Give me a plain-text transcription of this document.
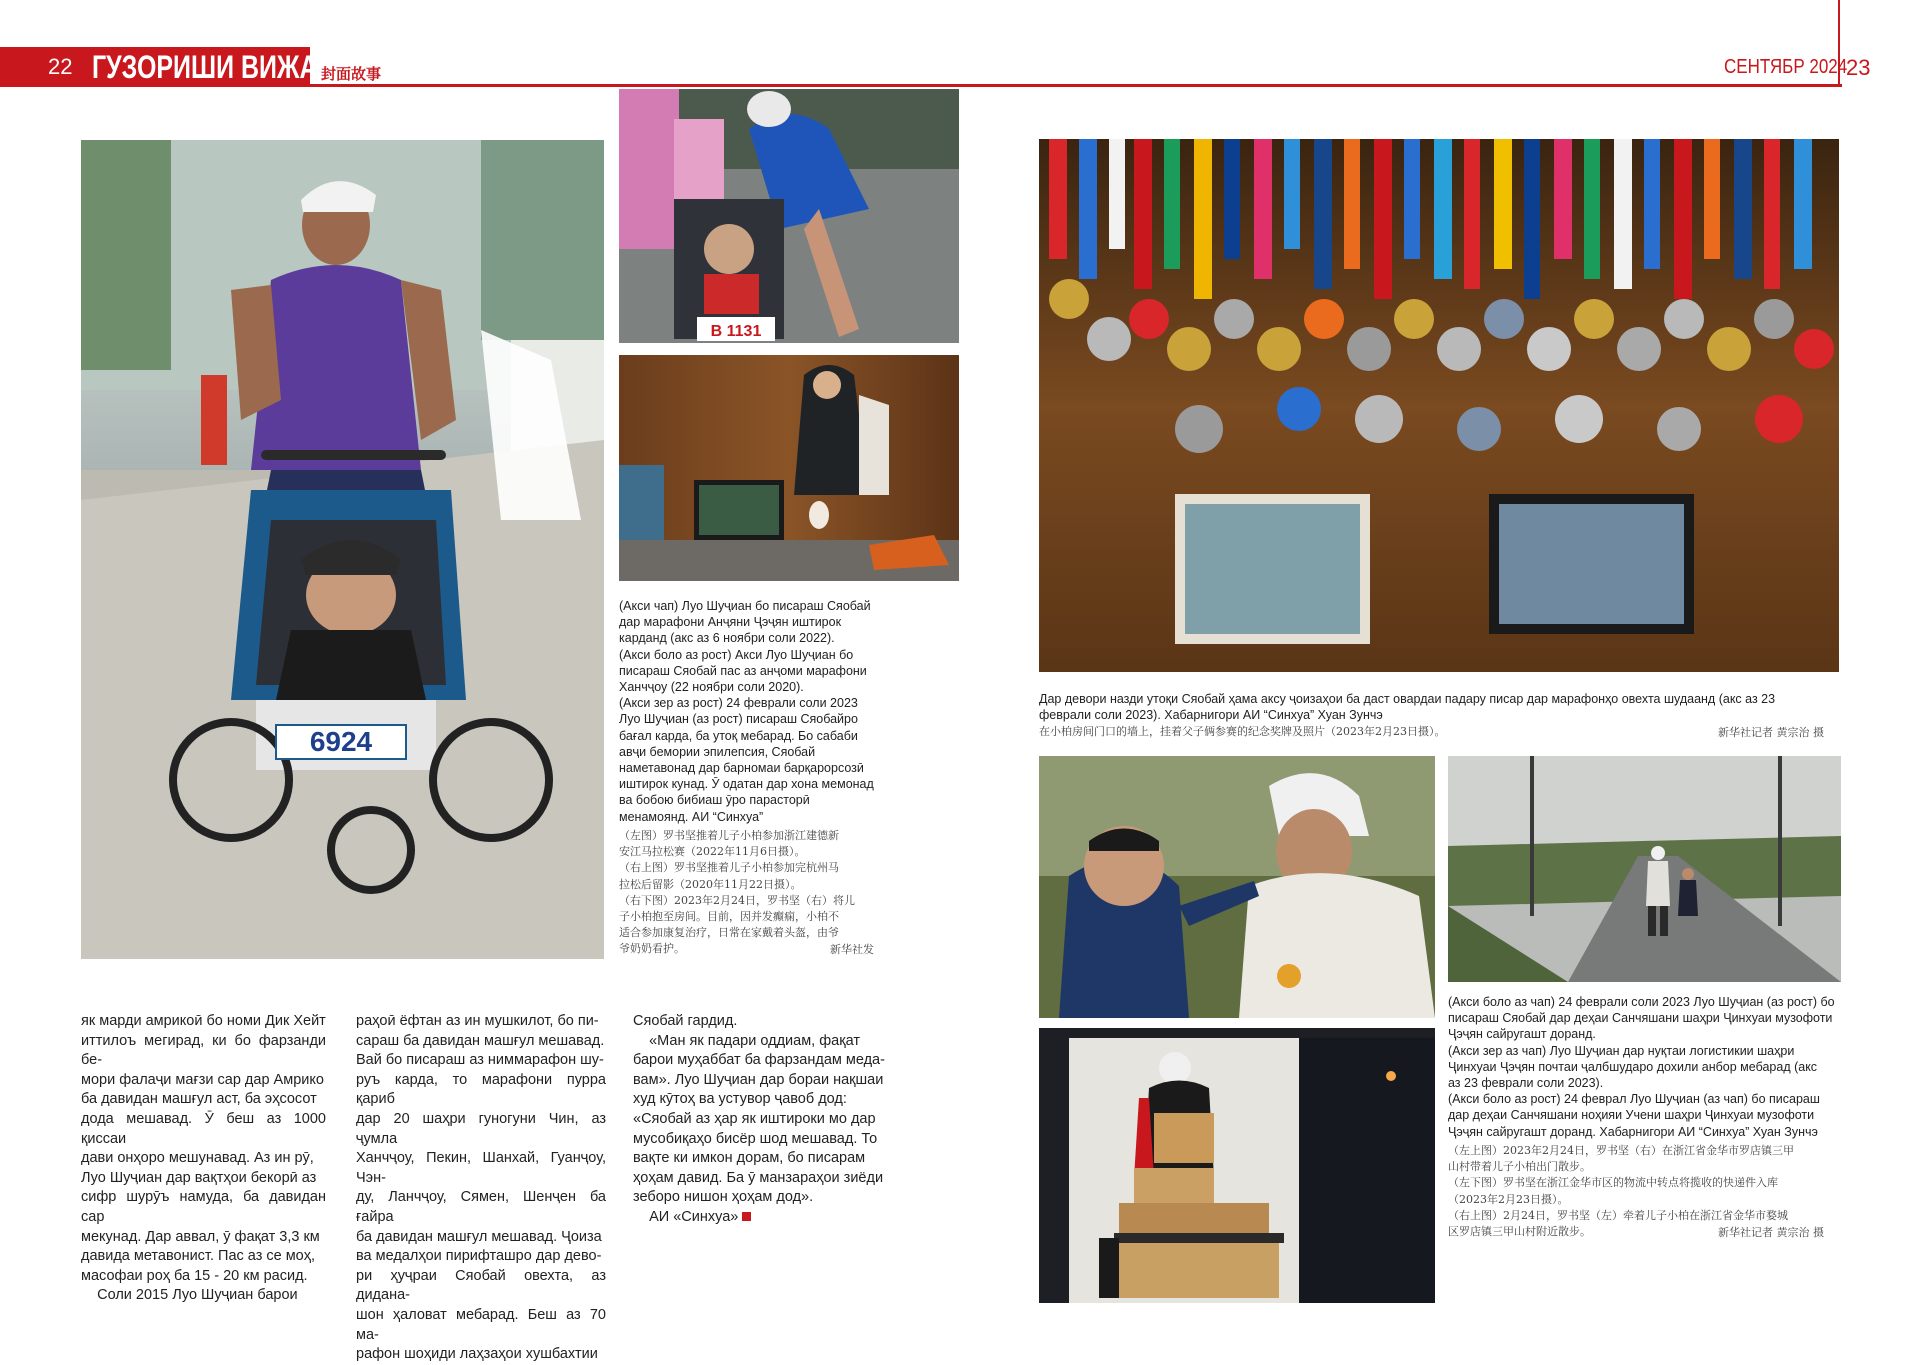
22 ГУЗОРИШИ ВИЖА 封面故事	СЕНТЯБР 2024
23
6924
B 1131

(Акси чап) Луо Шуҷиан бо писараш Сяобай

дар марафони Анҷяни Ҷэҷян иштирок

карданд (акс аз 6 ноябри соли 2022).

(Акси боло аз рост) Акси Луо Шуҷиан бо

писараш Сяобай пас аз анҷоми марафони

Ханчҷоу (22 ноябри соли 2020).

(Акси зер аз рост) 24 феврали соли 2023

Луо Шуҷиан (аз рост) писараш Сяобайро

бағал карда, ба утоқ мебарад. Бо сабаби

авҷи бемории эпилепсия, Сяобай

наметавонад дар барномаи барқарорсозӣ

иштирок кунад. Ӯ одатан дар хона мемонад

ва бобою бибиаш ӯро парасторӣ

менамоянд. АИ “Синхуа”

（左图）罗书坚推着儿子小柏参加浙江建德新

安江马拉松赛（2022年11月6日摄）。

（右上图）罗书坚推着儿子小柏参加完杭州马

拉松后留影（2020年11月22日摄）。

（右下图）2023年2月24日，罗书坚（右）将儿

子小柏抱至房间。目前，因并发癫痫，小柏不

适合参加康复治疗，日常在家戴着头盔，由爷

爷奶奶看护。	新华社发

як марди амрикоӣ бо номи Дик Хейт

иттилоъ мегирад, ки бо фарзанди бе-

мори фалаҷи мағзи сар дар Амрико

ба давидан машғул аст, ба эҳсосот

дода мешавад. Ӯ беш аз 1000 қиссаи

дави онҳоро мешунавад. Аз ин рӯ,

Луо Шуҷиан дар вақтҳои бекорӣ аз

сифр шурӯъ намуда, ба давидан сар

мекунад. Дар аввал, ӯ фақат 3,3 км

давида метавонист. Пас аз се моҳ,

масофаи роҳ ба 15 - 20 км расид.

Соли 2015 Луо Шуҷиан барои

раҳоӣ ёфтан аз ин мушкилот, бо пи-

сараш ба давидан машғул мешавад.

Вай бо писараш аз ниммарафон шу-

руъ карда, то марафони пурра қариб

дар 20 шаҳри гуногуни Чин, аз ҷумла

Ханчҷоу, Пекин, Шанхай, Гуанҷоу, Чэн-

ду, Ланчҷоу, Сямен, Шенҷен ба ғайра

ба давидан машғул мешавад. Ҷоиза

ва медалҳои пирифташро дар дево-

ри ҳуҷраи Сяобай овехта, аз дидана-

шон ҳаловат мебарад. Беш аз 70 ма-

рафон шоҳиди лаҳзаҳои хушбахтии

Сяобай гардид.

«Ман як падари оддиам, фақат

барои муҳаббат ба фарзандам меда-

вам». Луо Шуҷиан дар бораи нақшаи

худ кӯтоҳ ва устувор ҷавоб дод:

«Сяобай аз ҳар як иштироки мо дар

мусобиқаҳо бисёр шод мешавад. То

вақте ки имкон дорам, бо писарам

ҳоҳам давид. Ба ӯ манзараҳои зиёди

зеборо нишон ҳоҳам дод».

АИ «Синхуа»

Дар девори назди утоқи Сяобай ҳама аксу ҷоизаҳои ба даст овардаи падару писар дар марафонҳо овехта шудаанд (акс аз 23

феврали соли 2023). Хабарнигори АИ “Синхуа” Хуан Зунчэ

在小柏房间门口的墙上，挂着父子俩参赛的纪念奖牌及照片（2023年2月23日摄）。	新华社记者 黄宗治 摄

(Акси боло аз чап) 24 феврали соли 2023 Луо Шуҷиан (аз рост) бо

писараш Сяобай дар деҳаи Санчяшани шаҳри Ҷинхуаи музофоти

Ҷэҷян сайругашт доранд.

(Акси зер аз чап) Луо Шуҷиан дар нуқтаи логистикии шаҳри

Ҷинхуаи Ҷэҷян почтаи ҷалбшударо дохили анбор мебарад (акс

аз 23 феврали соли 2023).

(Акси боло аз рост) 24 феврал Луо Шуҷиан (аз чап) бо писараш

дар деҳаи Санчяшани ноҳияи Учени шаҳри Ҷинхуаи музофоти

Ҷэҷян сайругашт доранд. Хабарнигори АИ “Синхуа” Хуан Зунчэ

（左上图）2023年2月24日，罗书坚（右）在浙江省金华市罗店镇三甲

山村带着儿子小柏出门散步。

（左下图）罗书坚在浙江金华市区的物流中转点将揽收的快递件入库

（2023年2月23日摄）。

（右上图）2月24日，罗书坚（左）牵着儿子小柏在浙江省金华市婺城

区罗店镇三甲山村附近散步。	新华社记者 黄宗治 摄
